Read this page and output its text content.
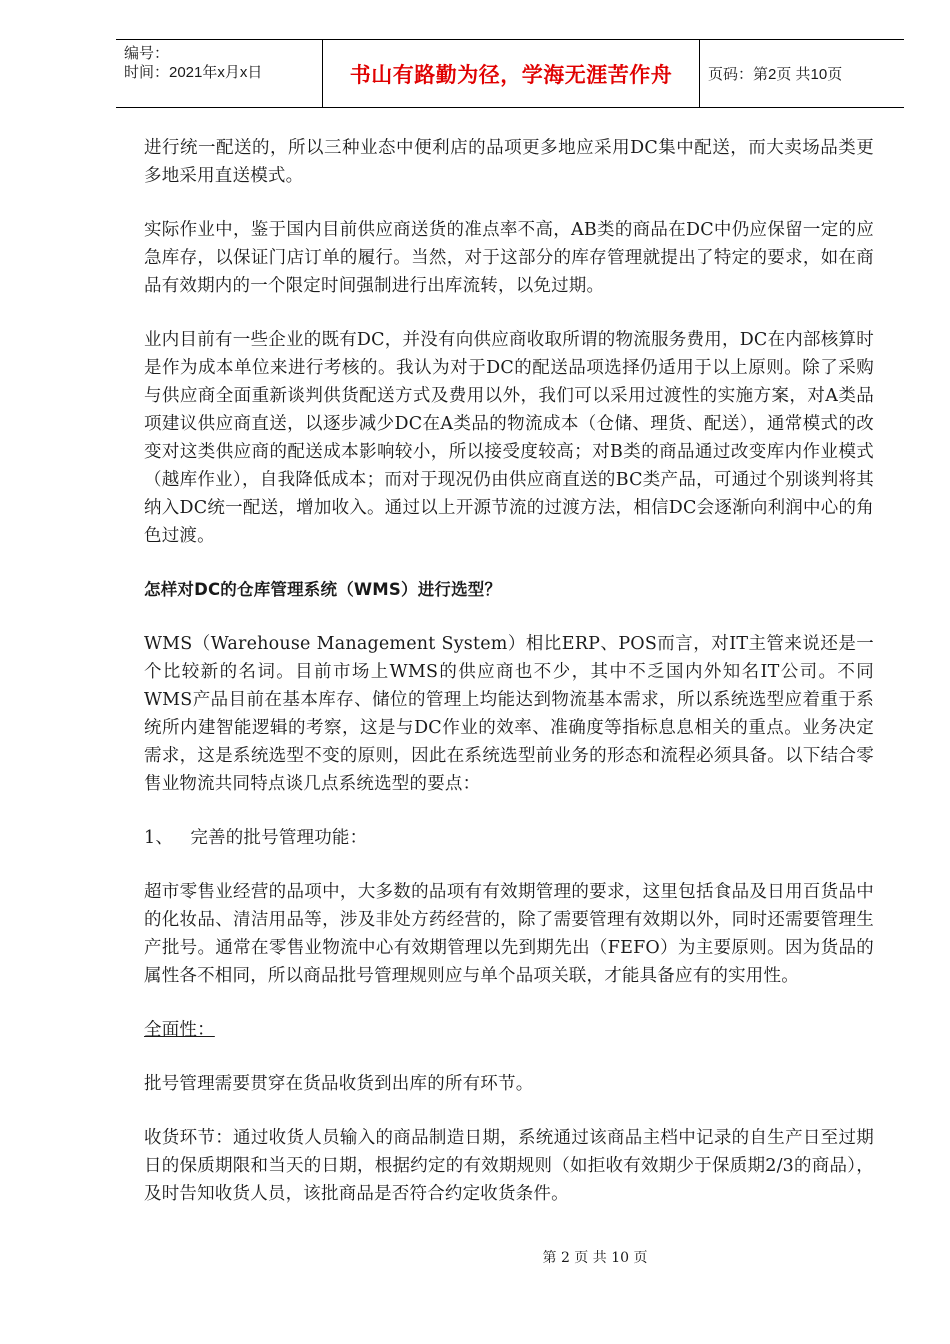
编号：
时间：2021年x月x日	书山有路勤为径，学海无涯苦作舟	页码：第2页 共10页

进行统一配送的，所以三种业态中便利店的品项更多地应采用DC集中配送，而大卖场品类更多地采用直送模式。

实际作业中，鉴于国内目前供应商送货的准点率不高，AB类的商品在DC中仍应保留一定的应急库存，以保证门店订单的履行。当然，对于这部分的库存管理就提出了特定的要求，如在商品有效期内的一个限定时间强制进行出库流转，以免过期。

业内目前有一些企业的既有DC，并没有向供应商收取所谓的物流服务费用，DC在内部核算时是作为成本单位来进行考核的。我认为对于DC的配送品项选择仍适用于以上原则。除了采购与供应商全面重新谈判供货配送方式及费用以外，我们可以采用过渡性的实施方案，对A类品项建议供应商直送，以逐步减少DC在A类品的物流成本（仓储、理货、配送），通常模式的改变对这类供应商的配送成本影响较小，所以接受度较高；对B类的商品通过改变库内作业模式（越库作业），自我降低成本；而对于现况仍由供应商直送的BC类产品，可通过个别谈判将其纳入DC统一配送，增加收入。通过以上开源节流的过渡方法，相信DC会逐渐向利润中心的角色过渡。

怎样对DC的仓库管理系统（WMS）进行选型？

WMS（Warehouse Management System）相比ERP、POS而言，对IT主管来说还是一个比较新的名词。目前市场上WMS的供应商也不少，其中不乏国内外知名IT公司。不同WMS产品目前在基本库存、储位的管理上均能达到物流基本需求，所以系统选型应着重于系统所内建智能逻辑的考察，这是与DC作业的效率、准确度等指标息息相关的重点。业务决定需求，这是系统选型不变的原则，因此在系统选型前业务的形态和流程必须具备。以下结合零售业物流共同特点谈几点系统选型的要点：

1、   完善的批号管理功能：

超市零售业经营的品项中，大多数的品项有有效期管理的要求，这里包括食品及日用百货品中的化妆品、清洁用品等，涉及非处方药经营的，除了需要管理有效期以外，同时还需要管理生产批号。通常在零售业物流中心有效期管理以先到期先出（FEFO）为主要原则。因为货品的属性各不相同，所以商品批号管理规则应与单个品项关联，才能具备应有的实用性。

全面性：

批号管理需要贯穿在货品收货到出库的所有环节。

收货环节：通过收货人员输入的商品制造日期，系统通过该商品主档中记录的自生产日至过期日的保质期限和当天的日期，根据约定的有效期规则（如拒收有效期少于保质期2/3的商品），及时告知收货人员，该批商品是否符合约定收货条件。

第 2 页 共 10 页
